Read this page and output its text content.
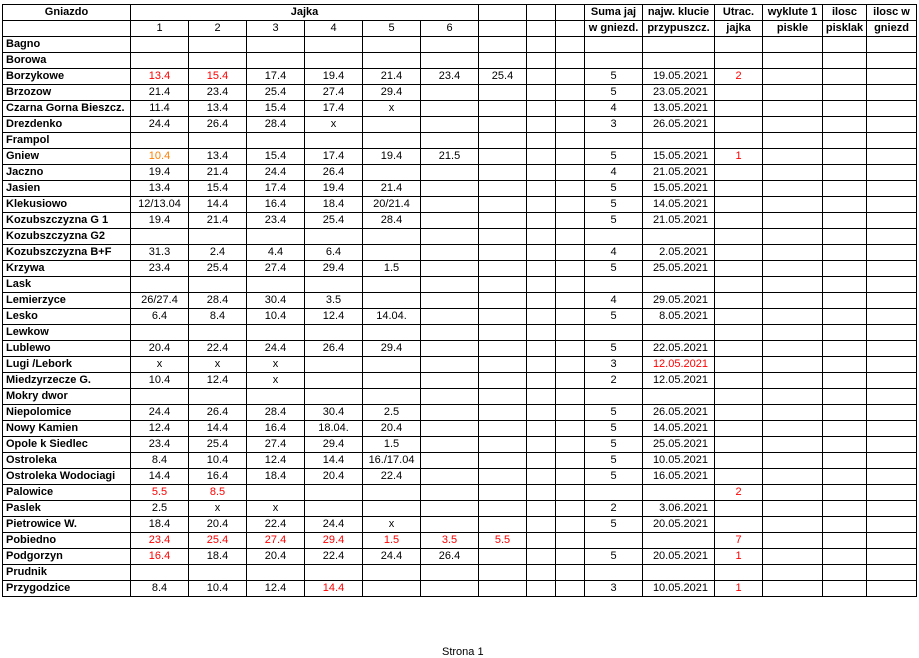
Gniazdo	Jajka									Suma jaj	najw. klucie	Utrac.	wyklute 1	ilosc	ilosc w
	1	2	3	4	5	6				w gniezd.	przypuszcz.	jajka	piskle	pisklak	gniezd
Bagno															
Borowa															
Borzykowe	13.4	15.4	17.4	19.4	21.4	23.4	25.4			5	19.05.2021	2			
Brzozow	21.4	23.4	25.4	27.4	29.4					5	23.05.2021				
Czarna Gorna Bieszcz.	11.4	13.4	15.4	17.4	x					4	13.05.2021				
Drezdenko	24.4	26.4	28.4	x						3	26.05.2021				
Frampol															
Gniew	10.4	13.4	15.4	17.4	19.4	21.5				5	15.05.2021	1			
Jaczno	19.4	21.4	24.4	26.4						4	21.05.2021				
Jasien	13.4	15.4	17.4	19.4	21.4					5	15.05.2021				
Klekusiowo	12/13.04	14.4	16.4	18.4	20/21.4					5	14.05.2021				
Kozubszczyzna G 1	19.4	21.4	23.4	25.4	28.4					5	21.05.2021				
Kozubszczyzna G2															
Kozubszczyzna B+F	31.3	2.4	4.4	6.4						4	2.05.2021				
Krzywa	23.4	25.4	27.4	29.4	1.5					5	25.05.2021				
Lask															
Lemierzyce	26/27.4	28.4	30.4	3.5						4	29.05.2021				
Lesko	6.4	8.4	10.4	12.4	14.04.					5	8.05.2021				
Lewkow															
Lublewo	20.4	22.4	24.4	26.4	29.4					5	22.05.2021				
Lugi /Lebork	x	x	x							3	12.05.2021				
Miedzyrzecze G.	10.4	12.4	x							2	12.05.2021				
Mokry dwor															
Niepolomice	24.4	26.4	28.4	30.4	2.5					5	26.05.2021				
Nowy Kamien	12.4	14.4	16.4	18.04.	20.4					5	14.05.2021				
Opole k Siedlec	23.4	25.4	27.4	29.4	1.5					5	25.05.2021				
Ostroleka	8.4	10.4	12.4	14.4	16./17.04					5	10.05.2021				
Ostroleka Wodociagi	14.4	16.4	18.4	20.4	22.4					5	16.05.2021				
Palowice	5.5	8.5										2			
Paslek	2.5	x	x							2	3.06.2021				
Pietrowice W.	18.4	20.4	22.4	24.4	x					5	20.05.2021				
Pobiedno	23.4	25.4	27.4	29.4	1.5	3.5	5.5					7			
Podgorzyn	16.4	18.4	20.4	22.4	24.4	26.4				5	20.05.2021	1			
Prudnik															
Przygodzice	8.4	10.4	12.4	14.4						3	10.05.2021	1			
Strona 1
